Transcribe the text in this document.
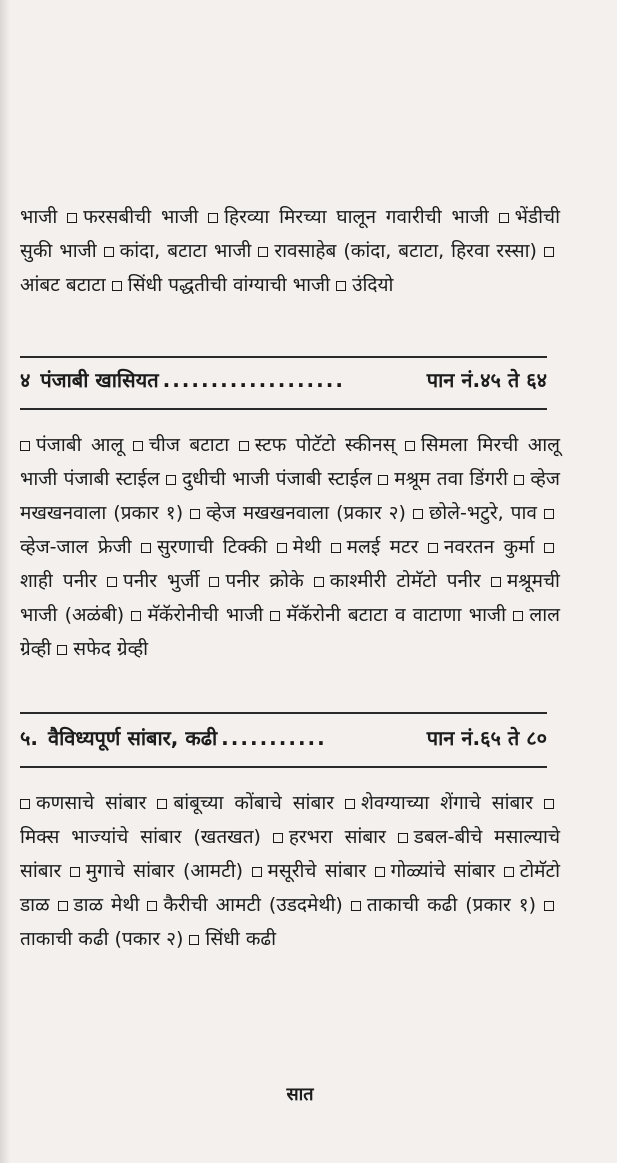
भाजी फरसबीची भाजी हिरव्या मिरच्या घालून गवारीची भाजी भेंडीची सुकी भाजी कांदा, बटाटा भाजी रावसाहेब (कांदा, बटाटा, हिरवा रस्सा) आंबट बटाटा सिंधी पद्धतीची वांग्याची भाजी उंदियो
४ पंजाबी खासियत ...................	पान नं.४५ ते ६४
पंजाबी आलू चीज बटाटा स्टफ पोटॅटो स्कीनस् सिमला मिरची आलू भाजी पंजाबी स्टाईल दुधीची भाजी पंजाबी स्टाईल मश्रूम तवा डिंगरी व्हेज मखखनवाला (प्रकार १) व्हेज मखखनवाला (प्रकार २) छोले-भटुरे, पाव व्हेज-जाल फ्रेजी सुरणाची टिक्की मेथी मलई मटर नवरतन कुर्मा शाही पनीर पनीर भुर्जी पनीर क्रोके काश्मीरी टोमॅटो पनीर मश्रूमची भाजी (अळंबी) मॅकॅरोनीची भाजी मॅकॅरोनी बटाटा व वाटाणा भाजी लाल ग्रेव्ही सफेद ग्रेव्ही
५. वैविध्यपूर्ण सांबार, कढी ...........	पान नं.६५ ते ८०
कणसाचे सांबार बांबूच्या कोंबाचे सांबार शेवग्याच्या शेंगाचे सांबार मिक्स भाज्यांचे सांबार (खतखत) हरभरा सांबार डबल-बीचे मसाल्याचे सांबार मुगाचे सांबार (आमटी) मसूरीचे सांबार गोळ्यांचे सांबार टोमॅटो डाळ डाळ मेथी कैरीची आमटी (उडदमेथी) ताकाची कढी (प्रकार १) ताकाची कढी (पकार २) सिंधी कढी
सात
